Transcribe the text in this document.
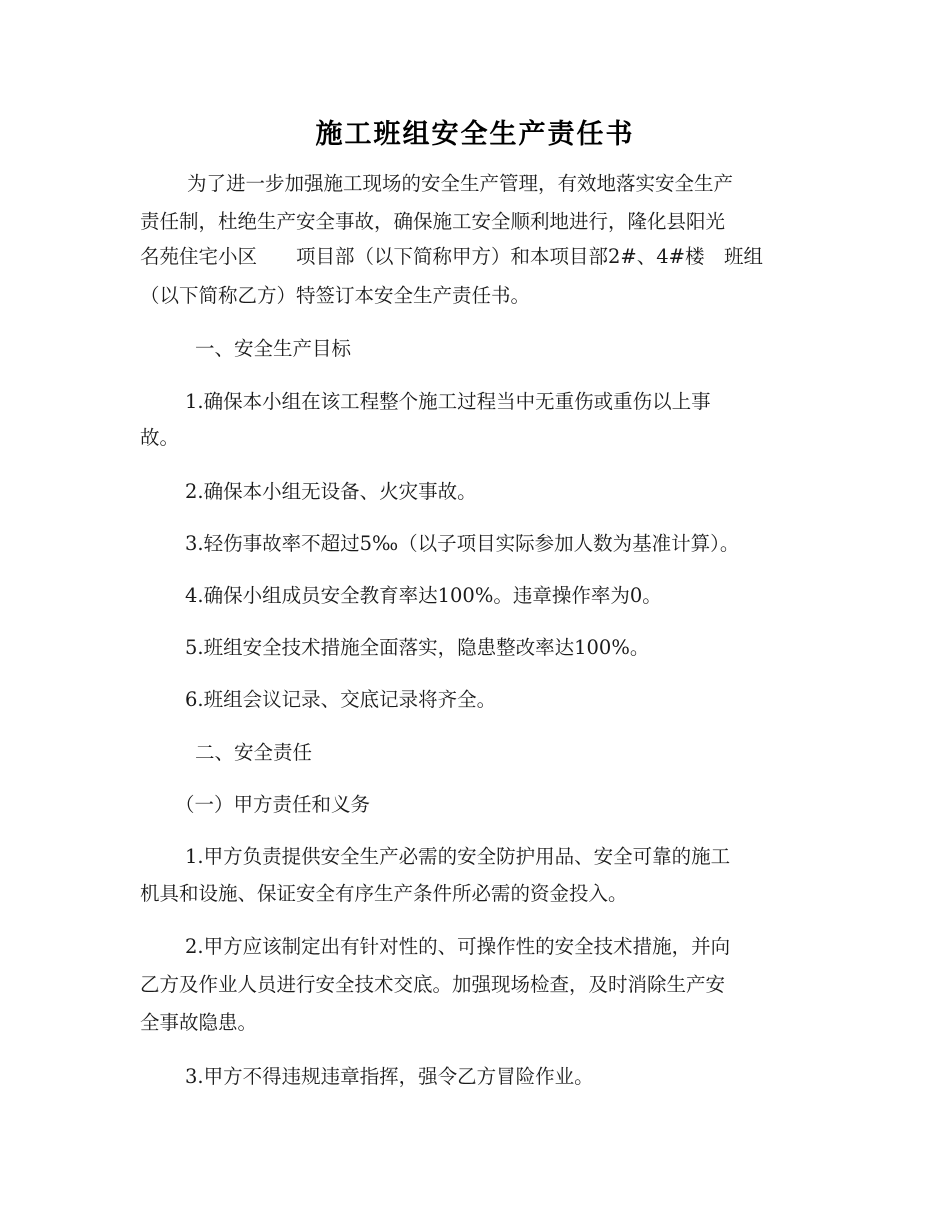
施工班组安全生产责任书

为了进一步加强施工现场的安全生产管理，有效地落实安全生产

责任制，杜绝生产安全事故，确保施工安全顺利地进行，隆化县阳光

名苑住宅小区　　项目部（以下简称甲方）和本项目部2#、4#楼　班组

（以下简称乙方）特签订本安全生产责任书。

一、安全生产目标

1.确保本小组在该工程整个施工过程当中无重伤或重伤以上事

故。

2.确保本小组无设备、火灾事故。

3.轻伤事故率不超过5‰（以子项目实际参加人数为基准计算）。

4.确保小组成员安全教育率达100%。违章操作率为0。

5.班组安全技术措施全面落实，隐患整改率达100%。

6.班组会议记录、交底记录将齐全。

二、安全责任

（一）甲方责任和义务

1.甲方负责提供安全生产必需的安全防护用品、安全可靠的施工

机具和设施、保证安全有序生产条件所必需的资金投入。

2.甲方应该制定出有针对性的、可操作性的安全技术措施，并向

乙方及作业人员进行安全技术交底。加强现场检查，及时消除生产安

全事故隐患。

3.甲方不得违规违章指挥，强令乙方冒险作业。
